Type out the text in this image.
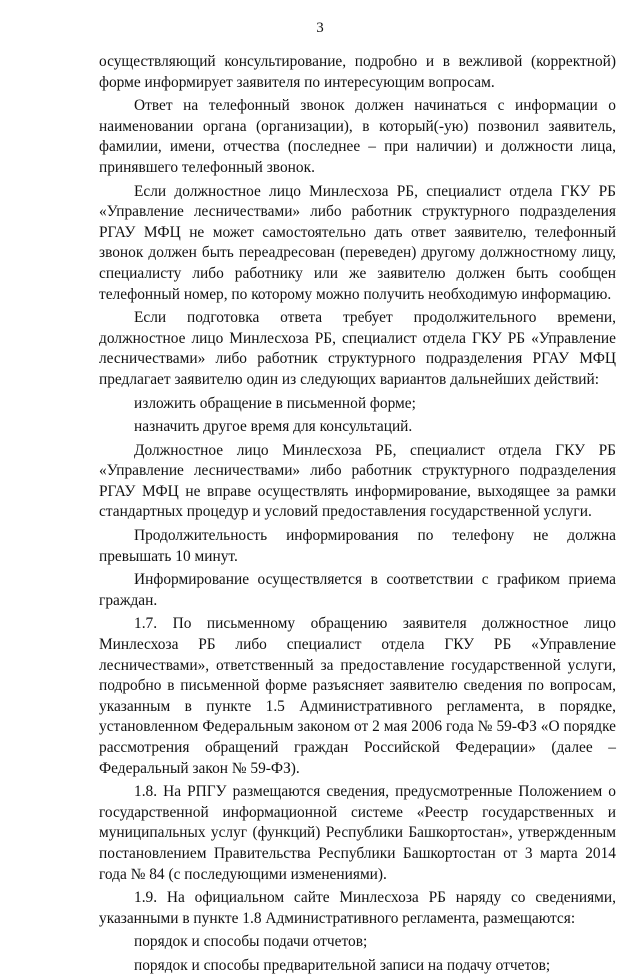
3

осуществляющий консультирование, подробно и в вежливой (корректной) форме информирует заявителя по интересующим вопросам.

Ответ на телефонный звонок должен начинаться с информации о наименовании органа (организации), в который(-ую) позвонил заявитель, фамилии, имени, отчества (последнее – при наличии) и должности лица, принявшего телефонный звонок.

Если должностное лицо Минлесхоза РБ, специалист отдела ГКУ РБ «Управление лесничествами» либо работник структурного подразделения РГАУ МФЦ не может самостоятельно дать ответ заявителю, телефонный звонок должен быть переадресован (переведен) другому должностному лицу, специалисту либо работнику или же заявителю должен быть сообщен телефонный номер, по которому можно получить необходимую информацию.

Если подготовка ответа требует продолжительного времени, должностное лицо Минлесхоза РБ, специалист отдела ГКУ РБ «Управление лесничествами» либо работник структурного подразделения РГАУ МФЦ предлагает заявителю один из следующих вариантов дальнейших действий:

изложить обращение в письменной форме;

назначить другое время для консультаций.

Должностное лицо Минлесхоза РБ, специалист отдела ГКУ РБ «Управление лесничествами» либо работник структурного подразделения РГАУ МФЦ не вправе осуществлять информирование, выходящее за рамки стандартных процедур и условий предоставления государственной услуги.

Продолжительность информирования по телефону не должна превышать 10 минут.

Информирование осуществляется в соответствии с графиком приема граждан.

1.7. По письменному обращению заявителя должностное лицо Минлесхоза РБ либо специалист отдела ГКУ РБ «Управление лесничествами», ответственный за предоставление государственной услуги, подробно в письменной форме разъясняет заявителю сведения по вопросам, указанным в пункте 1.5 Административного регламента, в порядке, установленном Федеральным законом от 2 мая 2006 года № 59-ФЗ «О порядке рассмотрения обращений граждан Российской Федерации» (далее – Федеральный закон № 59-ФЗ).

1.8. На РПГУ размещаются сведения, предусмотренные Положением о государственной информационной системе «Реестр государственных и муниципальных услуг (функций) Республики Башкортостан», утвержденным постановлением Правительства Республики Башкортостан от 3 марта 2014 года № 84 (с последующими изменениями).

1.9. На официальном сайте Минлесхоза РБ наряду со сведениями, указанными в пункте 1.8 Административного регламента, размещаются:

порядок и способы подачи отчетов;

порядок и способы предварительной записи на подачу отчетов;
